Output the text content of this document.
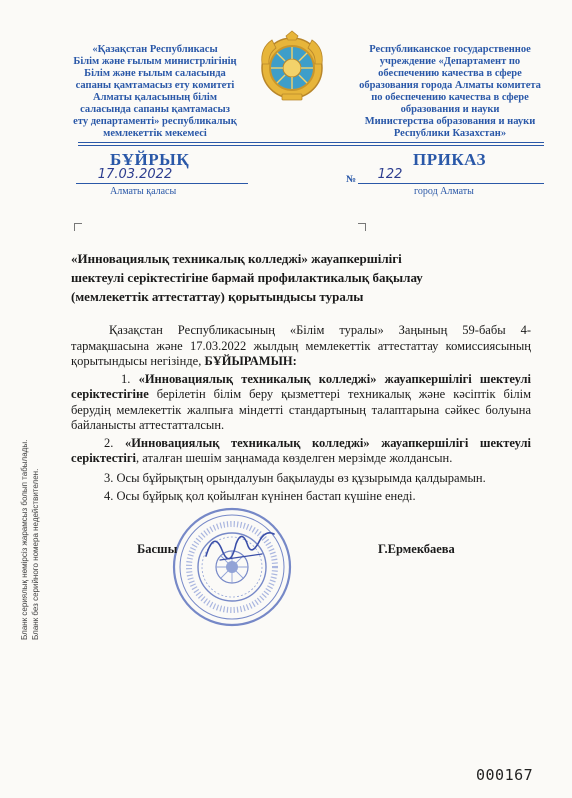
«Қазақстан Республикасы
Білім және ғылым министрлігінің
Білім және ғылым саласында
сапаны қамтамасыз ету комитеті
Алматы қаласының білім
саласында сапаны қамтамасыз
ету департаменті» республикалық
мемлекеттік мекемесі
Республиканское государственное
учреждение «Департамент по
обеспечению качества в сфере
образования города Алматы комитета
по обеспечению качества в сфере
образования и науки
Министерства образования и науки
Республики Казахстан»
БҰЙРЫҚ	ПРИКАЗ
17.03.2022
Алматы қаласы
№	122
город Алматы
«Инновациялық техникалық колледжі» жауапкершілігі
шектеулі серіктестігіне бармай профилактикалық бақылау
(мемлекеттік аттестаттау) қорытындысы туралы

Қазақстан Республикасының «Білім туралы» Заңының 59-бабы 4-тармақшасына және 17.03.2022 жылдың мемлекеттік аттестаттау комиссиясының қорытындысы негізінде, БҰЙЫРАМЫН:

1. «Инновациялық техникалық колледжі» жауапкершілігі шектеулі серіктестігіне берілетін білім беру қызметтері техникалық және кәсіптік білім берудің мемлекеттік жалпыға міндетті стандартының талаптарына сәйкес болуына байланысты аттестатталсын.

2. «Инновациялық техникалық колледжі» жауапкершілігі шектеулі серіктестігі, аталған шешім заңнамада көзделген мерзімде жолдансын.

3. Осы бұйрықтың орындалуын бақылауды өз құзырымда қалдырамын.

4. Осы бұйрық қол қойылған күнінен бастап күшіне енеді.

Басшы	Г.Ермекбаева
Бланк сериялық нөмірсіз жарамсыз болып табылады. Бланк без серийного номера недействителен.
000167
